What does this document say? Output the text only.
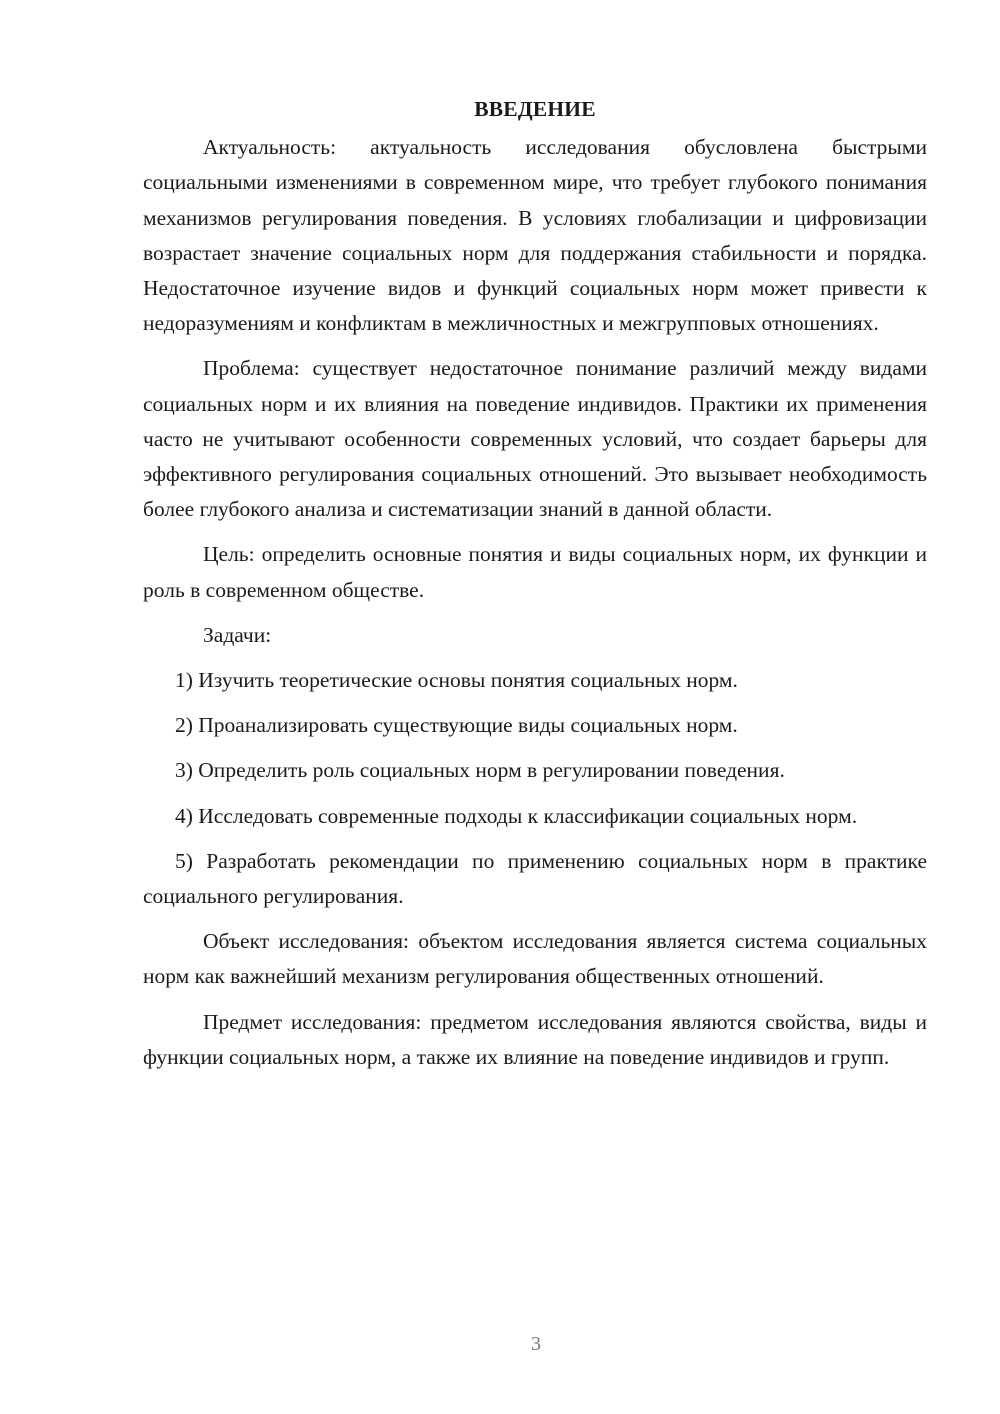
ВВЕДЕНИЕ

Актуальность: актуальность исследования обусловлена быстрыми социальными изменениями в современном мире, что требует глубокого понимания механизмов регулирования поведения. В условиях глобализации и цифровизации возрастает значение социальных норм для поддержания стабильности и порядка. Недостаточное изучение видов и функций социальных норм может привести к недоразумениям и конфликтам в межличностных и межгрупповых отношениях.

Проблема: существует недостаточное понимание различий между видами социальных норм и их влияния на поведение индивидов. Практики их применения часто не учитывают особенности современных условий, что создает барьеры для эффективного регулирования социальных отношений. Это вызывает необходимость более глубокого анализа и систематизации знаний в данной области.

Цель: определить основные понятия и виды социальных норм, их функции и роль в современном обществе.

Задачи:

1) Изучить теоретические основы понятия социальных норм.

2) Проанализировать существующие виды социальных норм.

3) Определить роль социальных норм в регулировании поведения.

4) Исследовать современные подходы к классификации социальных норм.

5) Разработать рекомендации по применению социальных норм в практике социального регулирования.

Объект исследования: объектом исследования является система социальных норм как важнейший механизм регулирования общественных отношений.

Предмет исследования: предметом исследования являются свойства, виды и функции социальных норм, а также их влияние на поведение индивидов и групп.

3
